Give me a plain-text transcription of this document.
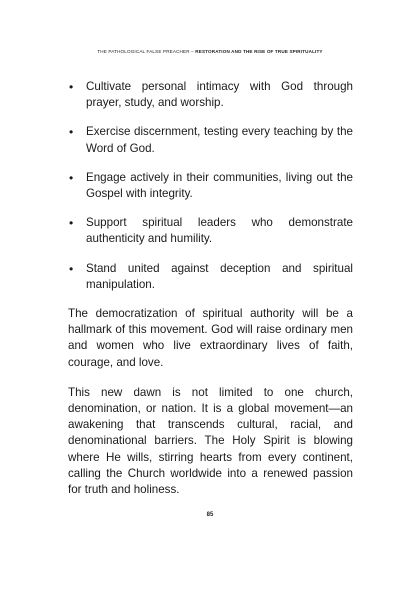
THE PATHOLOGICAL FALSE PREACHER – RESTORATION AND THE RISE OF TRUE SPIRITUALITY
• Cultivate personal intimacy with God through prayer, study, and worship.
• Exercise discernment, testing every teaching by the Word of God.
• Engage actively in their communities, living out the Gospel with integrity.
• Support spiritual leaders who demonstrate authenticity and humility.
• Stand united against deception and spiritual manipulation.

The democratization of spiritual authority will be a hallmark of this movement. God will raise ordinary men and women who live extraordinary lives of faith, courage, and love.

This new dawn is not limited to one church, denomination, or nation. It is a global movement—an awakening that transcends cultural, racial, and denominational barriers. The Holy Spirit is blowing where He wills, stirring hearts from every continent, calling the Church worldwide into a renewed passion for truth and holiness.

85
